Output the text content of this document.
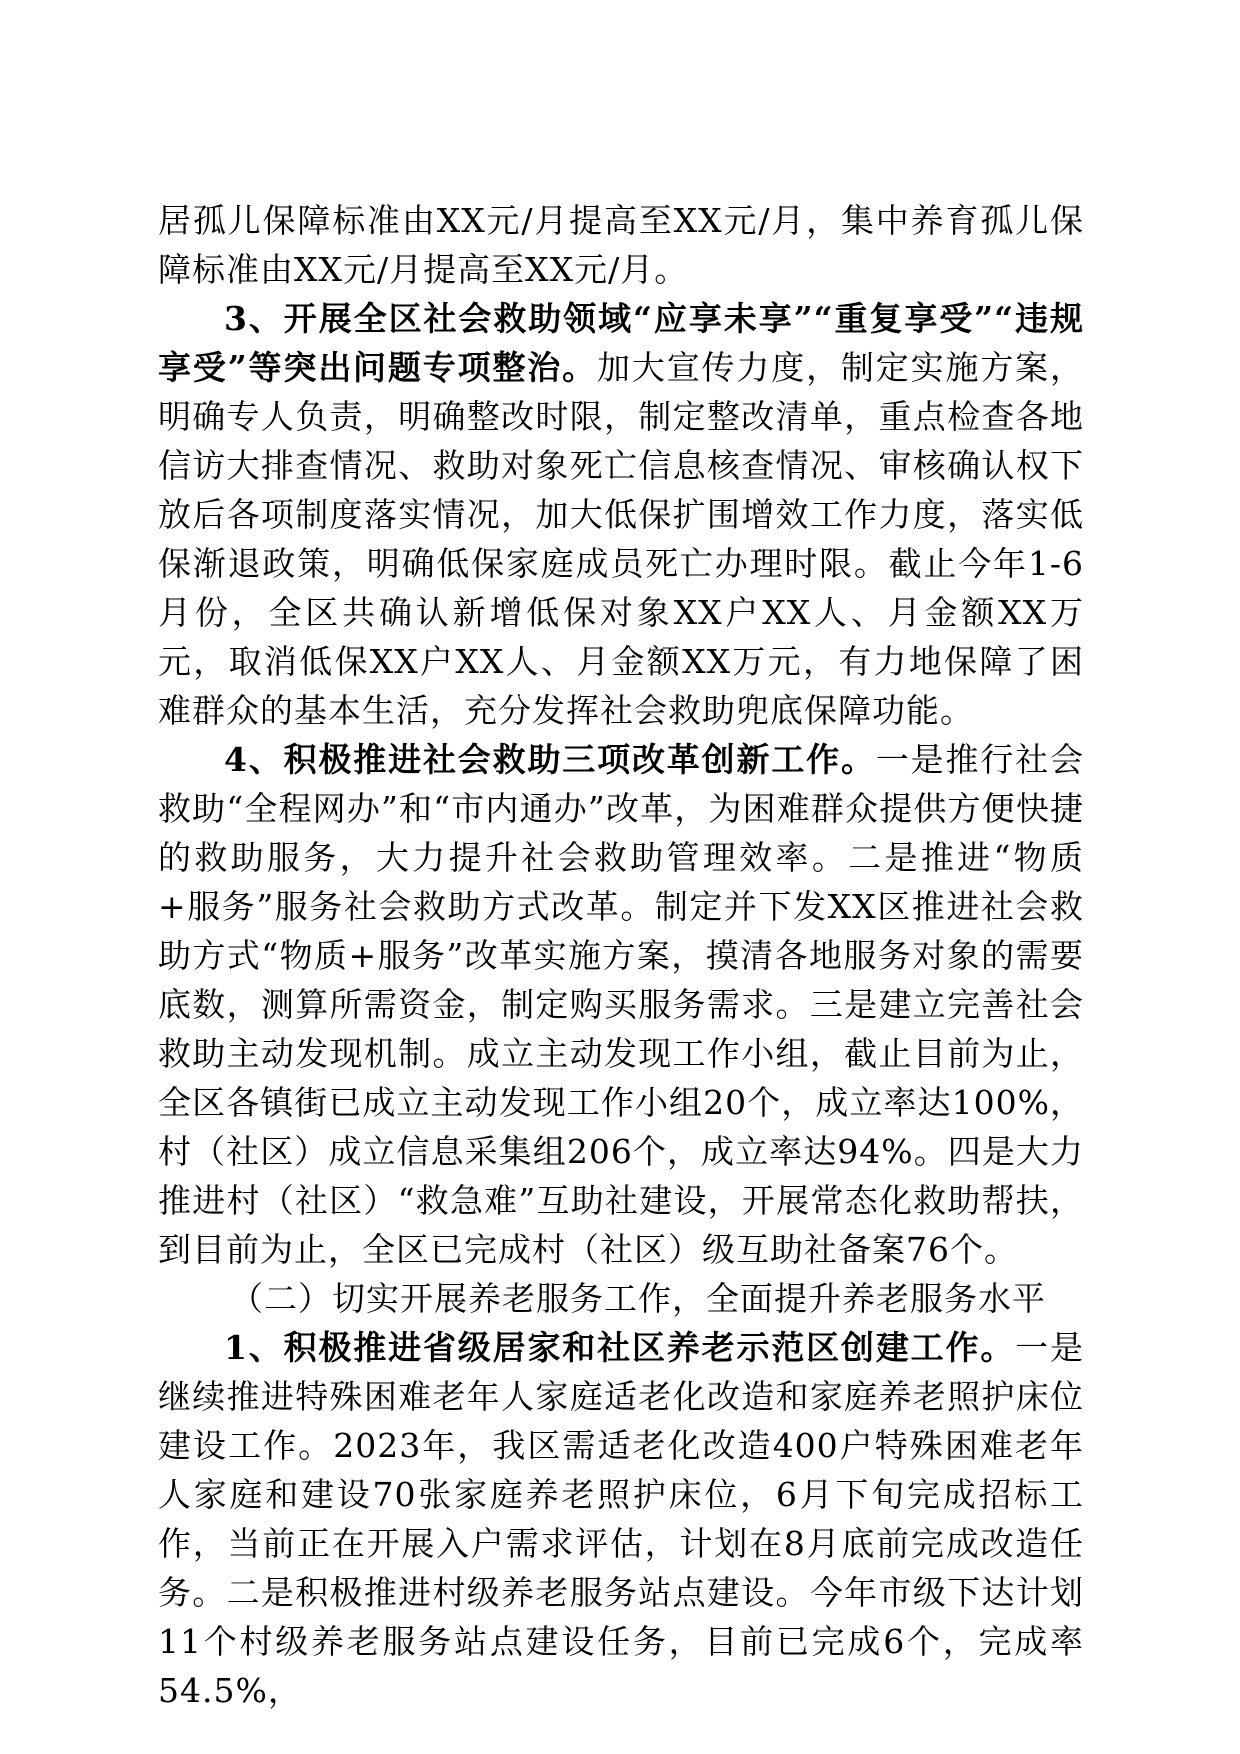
居孤儿保障标准由XX元/月提高至XX元/月，集中养育孤儿保障标准由XX元/月提高至XX元/月。

3、开展全区社会救助领域“应享未享”“重复享受”“违规享受”等突出问题专项整治。加大宣传力度，制定实施方案，明确专人负责，明确整改时限，制定整改清单，重点检查各地信访大排查情况、救助对象死亡信息核查情况、审核确认权下放后各项制度落实情况，加大低保扩围增效工作力度，落实低保渐退政策，明确低保家庭成员死亡办理时限。截止今年1-6月份，全区共确认新增低保对象XX户XX人、月金额XX万元，取消低保XX户XX人、月金额XX万元，有力地保障了困难群众的基本生活，充分发挥社会救助兜底保障功能。

4、积极推进社会救助三项改革创新工作。一是推行社会救助“全程网办”和“市内通办”改革，为困难群众提供方便快捷的救助服务，大力提升社会救助管理效率。二是推进“物质+服务”服务社会救助方式改革。制定并下发XX区推进社会救助方式“物质+服务”改革实施方案，摸清各地服务对象的需要底数，测算所需资金，制定购买服务需求。三是建立完善社会救助主动发现机制。成立主动发现工作小组，截止目前为止，全区各镇街已成立主动发现工作小组20个，成立率达100%，村（社区）成立信息采集组206个，成立率达94%。四是大力推进村（社区）“救急难”互助社建设，开展常态化救助帮扶，到目前为止，全区已完成村（社区）级互助社备案76个。

（二）切实开展养老服务工作，全面提升养老服务水平

1、积极推进省级居家和社区养老示范区创建工作。一是继续推进特殊困难老年人家庭适老化改造和家庭养老照护床位建设工作。2023年，我区需适老化改造400户特殊困难老年人家庭和建设70张家庭养老照护床位，6月下旬完成招标工作，当前正在开展入户需求评估，计划在8月底前完成改造任务。二是积极推进村级养老服务站点建设。今年市级下达计划11个村级养老服务站点建设任务，目前已完成6个，完成率54.5%，
